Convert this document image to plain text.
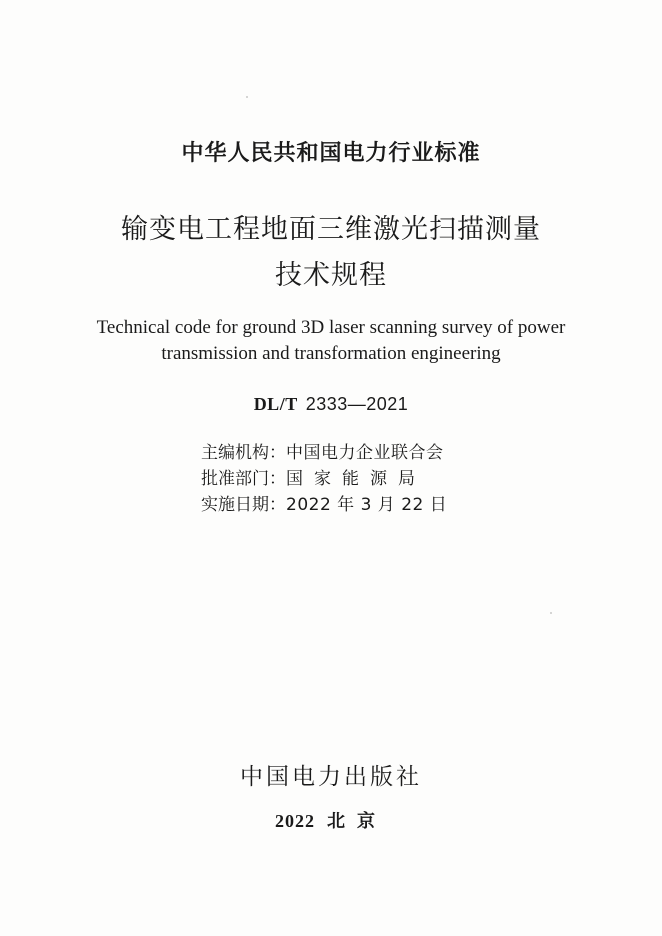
中华人民共和国电力行业标准
输变电工程地面三维激光扫描测量
技术规程
Technical code for ground 3D laser scanning survey of power
transmission and transformation engineering
DL/T 2333—2021
主编机构：中国电力企业联合会
批准部门：国家能源局
实施日期：2022 年 3 月 22 日
中国电力出版社
2022 北京
